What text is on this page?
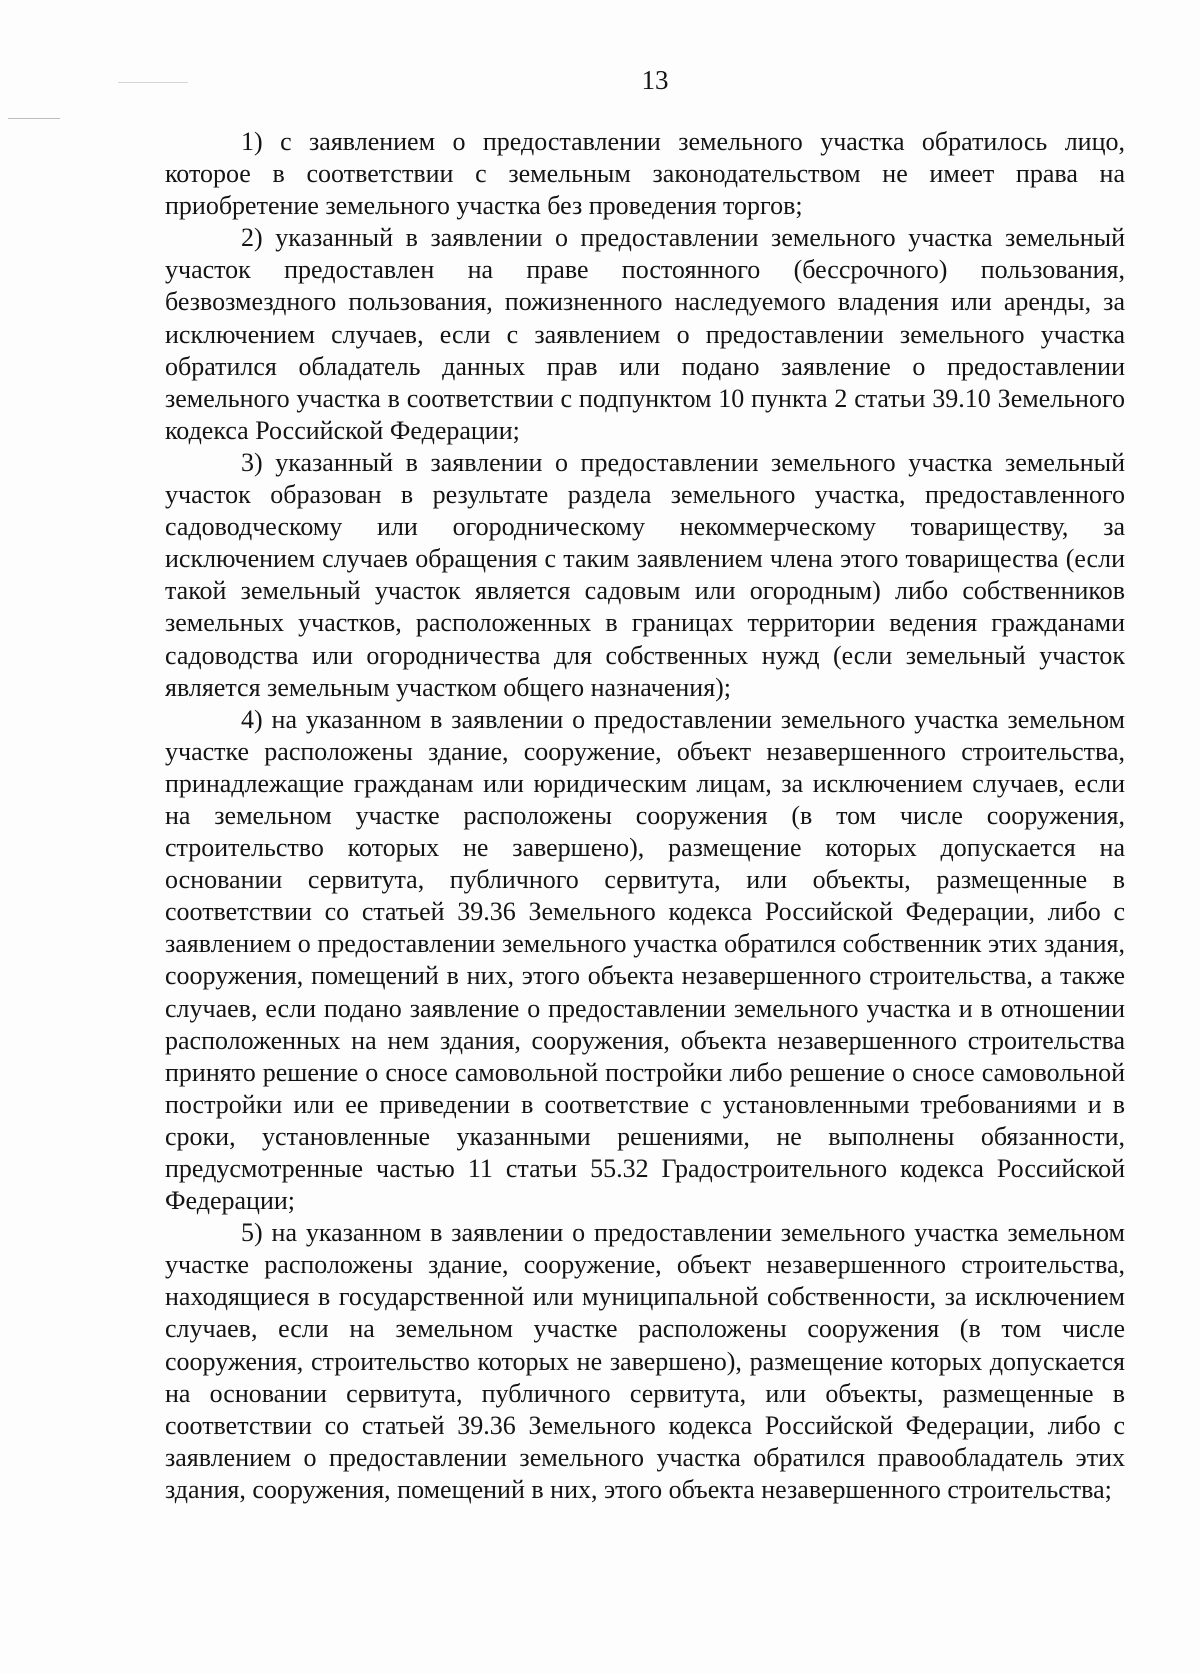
13

1) с заявлением о предоставлении земельного участка обратилось лицо, которое в соответствии с земельным законодательством не имеет права на приобретение земельного участка без проведения торгов;

2) указанный в заявлении о предоставлении земельного участка земельный участок предоставлен на праве постоянного (бессрочного) пользования, безвозмездного пользования, пожизненного наследуемого владения или аренды, за исключением случаев, если с заявлением о предоставлении земельного участка обратился обладатель данных прав или подано заявление о предоставлении земельного участка в соответствии с подпунктом 10 пункта 2 статьи 39.10 Земельного кодекса Российской Федерации;

3) указанный в заявлении о предоставлении земельного участка земельный участок образован в результате раздела земельного участка, предоставленного садоводческому или огородническому некоммерческому товариществу, за исключением случаев обращения с таким заявлением члена этого товарищества (если такой земельный участок является садовым или огородным) либо собственников земельных участков, расположенных в границах территории ведения гражданами садоводства или огородничества для собственных нужд (если земельный участок является земельным участком общего назначения);

4) на указанном в заявлении о предоставлении земельного участка земельном участке расположены здание, сооружение, объект незавершенного строительства, принадлежащие гражданам или юридическим лицам, за исключением случаев, если на земельном участке расположены сооружения (в том числе сооружения, строительство которых не завершено), размещение которых допускается на основании сервитута, публичного сервитута, или объекты, размещенные в соответствии со статьей 39.36 Земельного кодекса Российской Федерации, либо с заявлением о предоставлении земельного участка обратился собственник этих здания, сооружения, помещений в них, этого объекта незавершенного строительства, а также случаев, если подано заявление о предоставлении земельного участка и в отношении расположенных на нем здания, сооружения, объекта незавершенного строительства принято решение о сносе самовольной постройки либо решение о сносе самовольной постройки или ее приведении в соответствие с установленными требованиями и в сроки, установленные указанными решениями, не выполнены обязанности, предусмотренные частью 11 статьи 55.32 Градостроительного кодекса Российской Федерации;

5) на указанном в заявлении о предоставлении земельного участка земельном участке расположены здание, сооружение, объект незавершенного строительства, находящиеся в государственной или муниципальной собственности, за исключением случаев, если на земельном участке расположены сооружения (в том числе сооружения, строительство которых не завершено), размещение которых допускается на основании сервитута, публичного сервитута, или объекты, размещенные в соответствии со статьей 39.36 Земельного кодекса Российской Федерации, либо с заявлением о предоставлении земельного участка обратился правообладатель этих здания, сооружения, помещений в них, этого объекта незавершенного строительства;
